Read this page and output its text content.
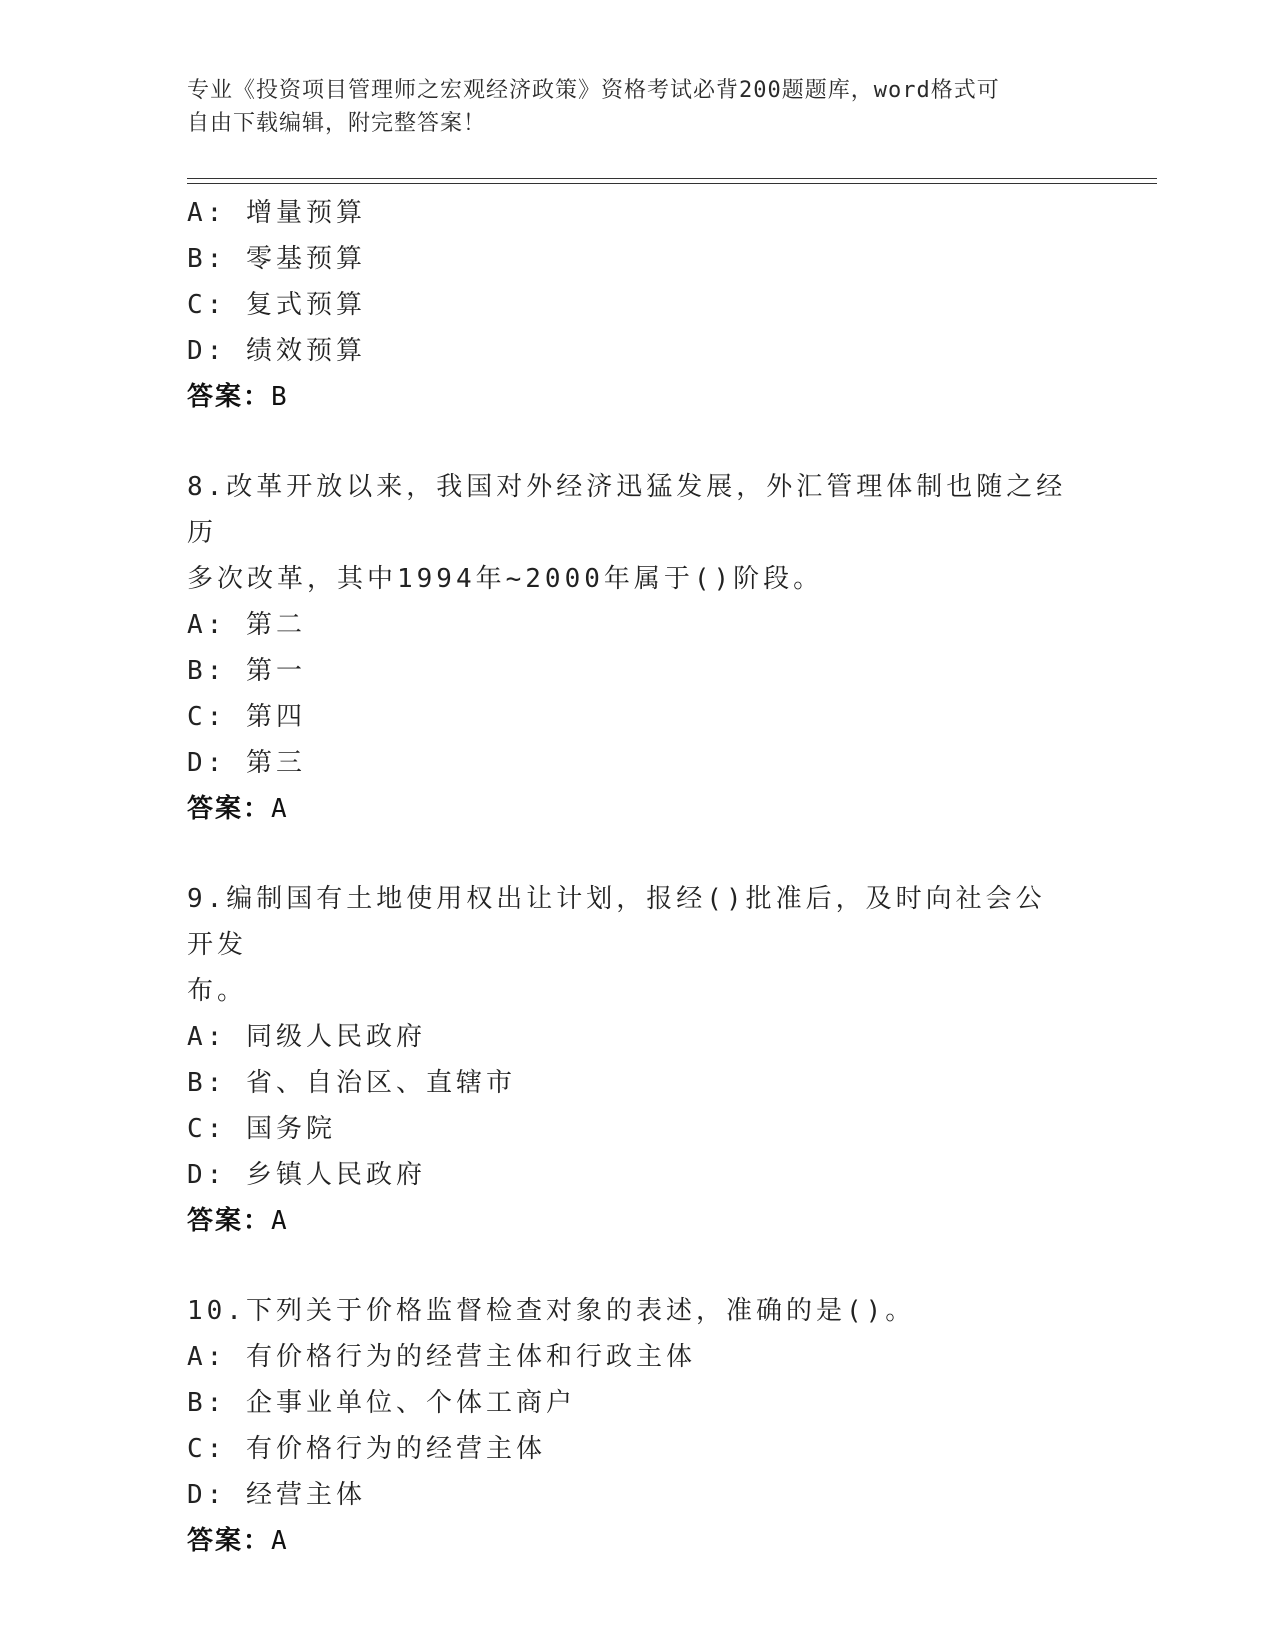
专业《投资项目管理师之宏观经济政策》资格考试必背200题题库，word格式可
自由下载编辑，附完整答案！
A: 增量预算
B: 零基预算
C: 复式预算
D: 绩效预算
答案：B
8.改革开放以来，我国对外经济迅猛发展，外汇管理体制也随之经历
多次改革，其中1994年~2000年属于()阶段。
A: 第二
B: 第一
C: 第四
D: 第三
答案：A
9.编制国有土地使用权出让计划，报经()批准后，及时向社会公开发
布。
A: 同级人民政府
B: 省、自治区、直辖市
C: 国务院
D: 乡镇人民政府
答案：A
10.下列关于价格监督检查对象的表述，准确的是()。
A: 有价格行为的经营主体和行政主体
B: 企事业单位、个体工商户
C: 有价格行为的经营主体
D: 经营主体
答案：A
